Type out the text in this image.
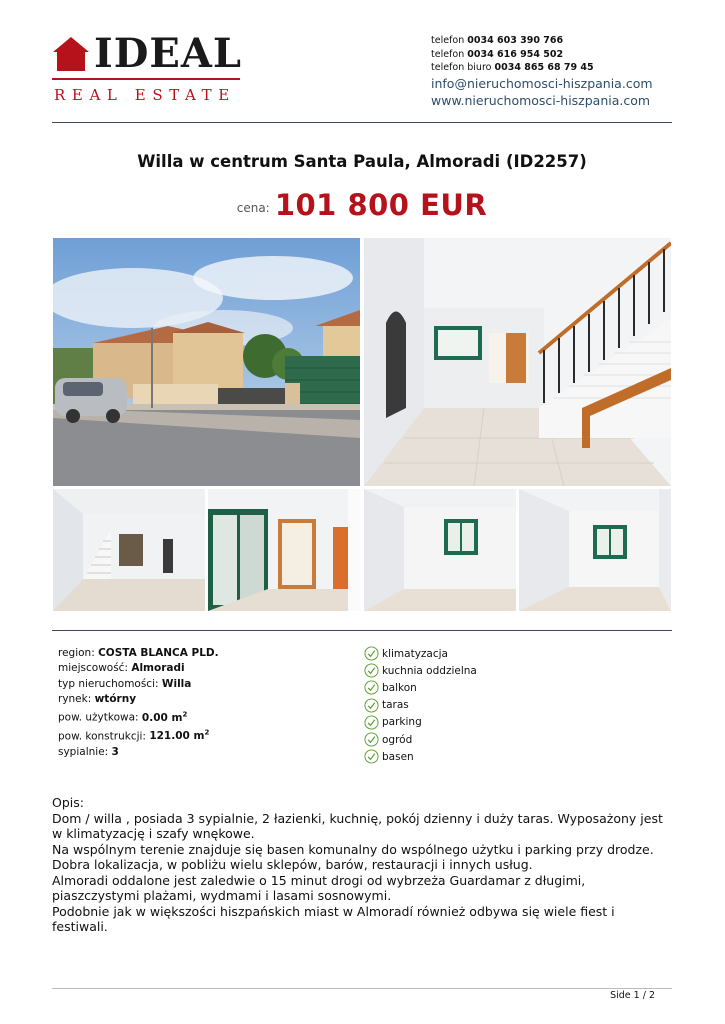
IDEAL
REAL ESTATE
telefon 0034 603 390 766
telefon 0034 616 954 502
telefon biuro 0034 865 68 79 45
info@nieruchomosci-hiszpania.com
www.nieruchomosci-hiszpania.com
Willa w centrum Santa Paula, Almoradi (ID2257)
cena: 101 800 EUR
region: COSTA BLANCA PLD.
miejscowość: Almoradi
typ nieruchomości: Willa
rynek: wtórny
pow. użytkowa: 0.00 $m^2$
pow. konstrukcji: 121.00 $m^2$
sypialnie: 3
klimatyzacja
kuchnia oddzielna
balkon
taras
parking
ogród
basen

Opis:

Dom / willa , posiada 3 sypialnie, 2 łazienki, kuchnię, pokój dzienny i duży taras. Wyposażony jest w klimatyzację i szafy wnękowe.

Na wspólnym terenie znajduje się basen komunalny do wspólnego użytku i parking przy drodze.

Dobra lokalizacja, w pobliżu wielu sklepów, barów, restauracji i innych usług.

Almoradi oddalone jest zaledwie o 15 minut drogi od wybrzeża Guardamar z długimi, piaszczystymi plażami, wydmami i lasami sosnowymi.

Podobnie jak w większości hiszpańskich miast w Almoradí również odbywa się wiele fiest i festiwali.

Side 1 / 2
